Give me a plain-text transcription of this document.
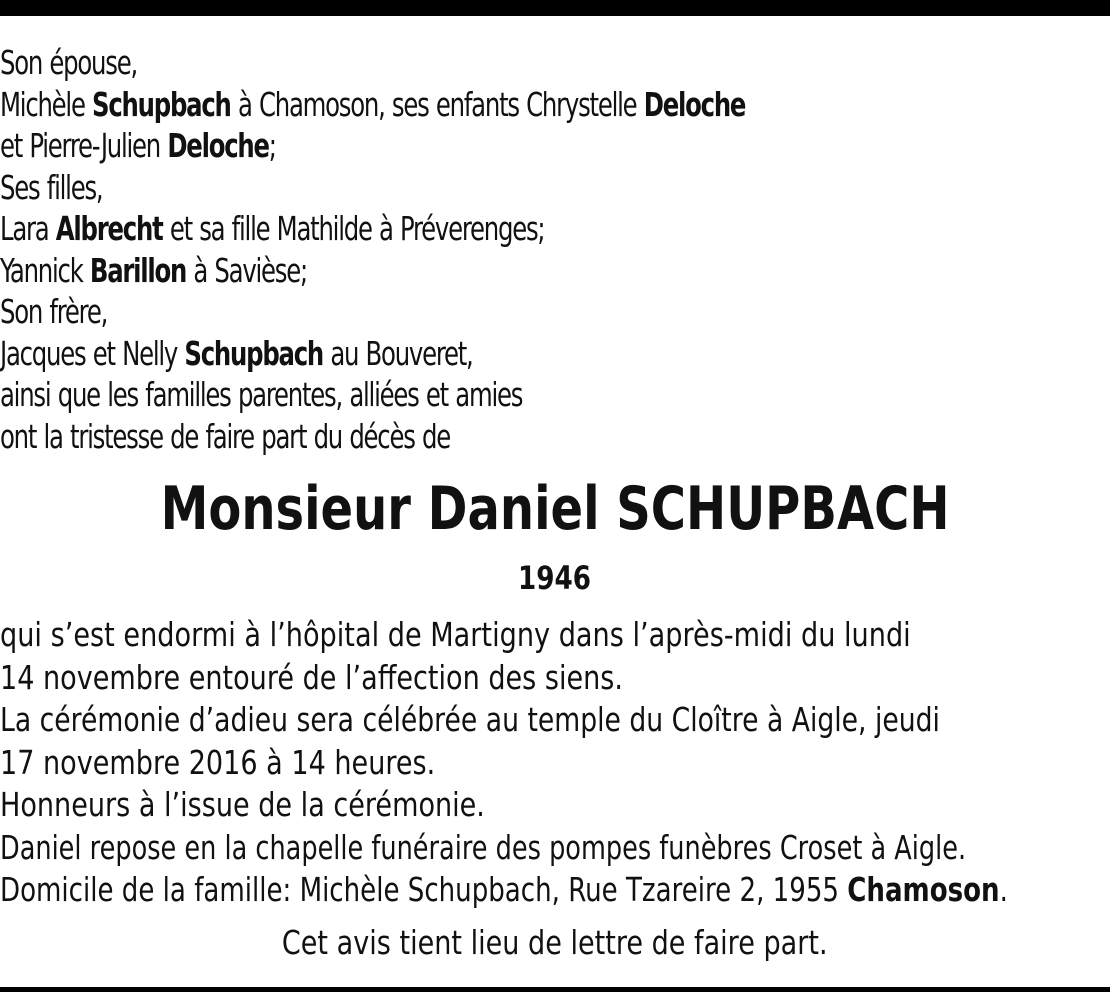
Son épouse,
Michèle Schupbach à Chamoson, ses enfants Chrystelle Deloche
et Pierre-Julien Deloche;
Ses filles,
Lara Albrecht et sa fille Mathilde à Préverenges;
Yannick Barillon à Savièse;
Son frère,
Jacques et Nelly Schupbach au Bouveret,
ainsi que les familles parentes, alliées et amies
ont la tristesse de faire part du décès de
Monsieur Daniel SCHUPBACH
1946
qui s’est endormi à l’hôpital de Martigny dans l’après-midi du lundi
14 novembre entouré de l’affection des siens.
La cérémonie d’adieu sera célébrée au temple du Cloître à Aigle, jeudi
17 novembre 2016 à 14 heures.
Honneurs à l’issue de la cérémonie.
Daniel repose en la chapelle funéraire des pompes funèbres Croset à Aigle.
Domicile de la famille: Michèle Schupbach, Rue Tzareire 2, 1955 Chamoson.
Cet avis tient lieu de lettre de faire part.
